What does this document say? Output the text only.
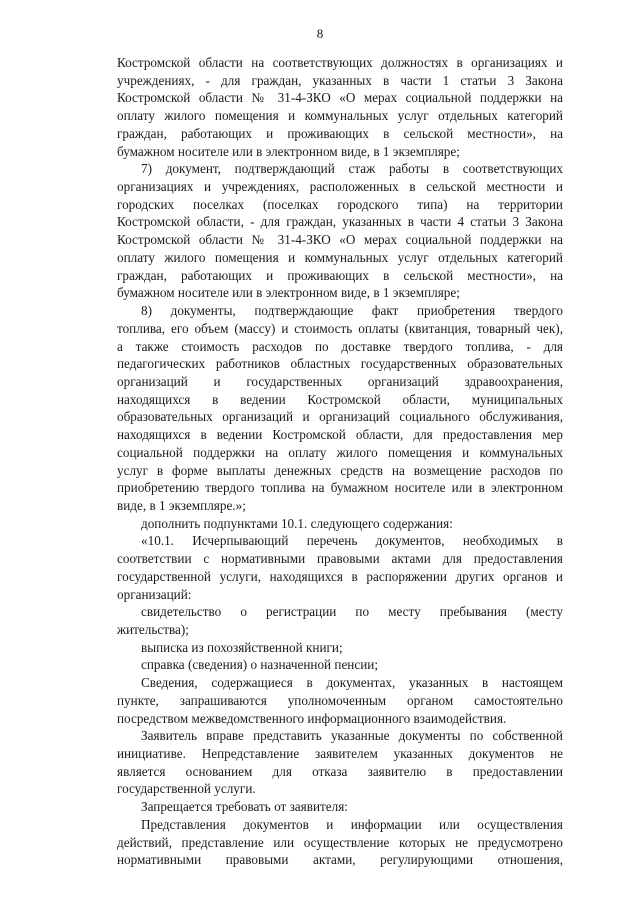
8

Костромской области на соответствующих должностях в организациях и

учреждениях, - для граждан, указанных в части 1 статьи 3 Закона

Костромской области № 31-4-ЗКО «О мерах социальной поддержки на

оплату жилого помещения и коммунальных услуг отдельных категорий

граждан, работающих и проживающих в сельской местности», на

бумажном носителе или в электронном виде, в 1 экземпляре;

7) документ, подтверждающий стаж работы в соответствующих

организациях и учреждениях, расположенных в сельской местности и

городских поселках (поселках городского типа) на территории

Костромской области, - для граждан, указанных в части 4 статьи 3 Закона

Костромской области № 31-4-ЗКО «О мерах социальной поддержки на

оплату жилого помещения и коммунальных услуг отдельных категорий

граждан, работающих и проживающих в сельской местности», на

бумажном носителе или в электронном виде, в 1 экземпляре;

8) документы, подтверждающие факт приобретения твердого

топлива, его объем (массу) и стоимость оплаты (квитанция, товарный чек),

а также стоимость расходов по доставке твердого топлива, - для

педагогических работников областных государственных образовательных

организаций и государственных организаций здравоохранения,

находящихся в ведении Костромской области, муниципальных

образовательных организаций и организаций социального обслуживания,

находящихся в ведении Костромской области, для предоставления мер

социальной поддержки на оплату жилого помещения и коммунальных

услуг в форме выплаты денежных средств на возмещение расходов по

приобретению твердого топлива на бумажном носителе или в электронном

виде, в 1 экземпляре.»;

дополнить подпунктами 10.1. следующего содержания:

«10.1. Исчерпывающий перечень документов, необходимых в

соответствии с нормативными правовыми актами для предоставления

государственной услуги, находящихся в распоряжении других органов и

организаций:

свидетельство о регистрации по месту пребывания (месту

жительства);

выписка из похозяйственной книги;

справка (сведения) о назначенной пенсии;

Сведения, содержащиеся в документах, указанных в настоящем

пункте, запрашиваются уполномоченным органом самостоятельно

посредством межведомственного информационного взаимодействия.

Заявитель вправе представить указанные документы по собственной

инициативе. Непредставление заявителем указанных документов не

является основанием для отказа заявителю в предоставлении

государственной услуги.

Запрещается требовать от заявителя:

Представления документов и информации или осуществления

действий, представление или осуществление которых не предусмотрено

нормативными правовыми актами, регулирующими отношения,
